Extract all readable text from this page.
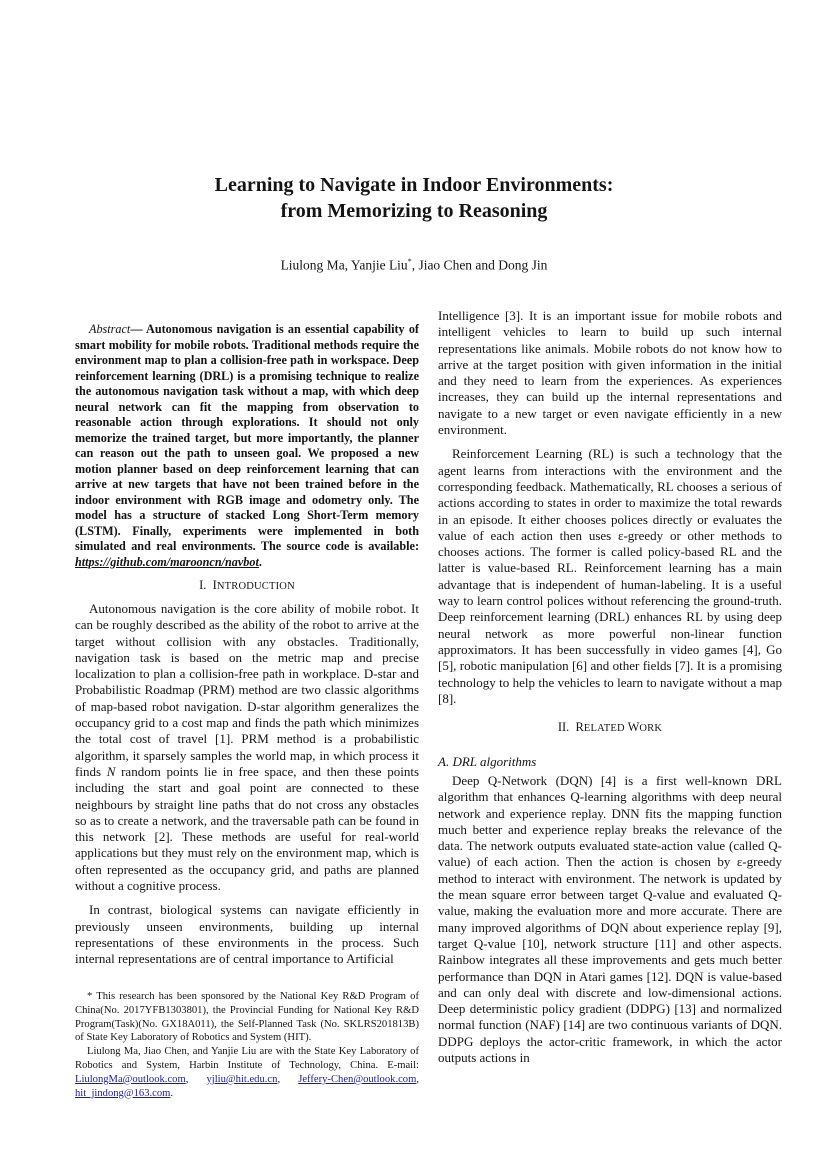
Learning to Navigate in Indoor Environments:
from Memorizing to Reasoning
Liulong Ma, Yanjie Liu*, Jiao Chen and Dong Jin

Abstract— Autonomous navigation is an essential capability of smart mobility for mobile robots. Traditional methods require the environment map to plan a collision-free path in workspace. Deep reinforcement learning (DRL) is a promising technique to realize the autonomous navigation task without a map, with which deep neural network can fit the mapping from observation to reasonable action through explorations. It should not only memorize the trained target, but more importantly, the planner can reason out the path to unseen goal. We proposed a new motion planner based on deep reinforcement learning that can arrive at new targets that have not been trained before in the indoor environment with RGB image and odometry only. The model has a structure of stacked Long Short-Term memory (LSTM). Finally, experiments were implemented in both simulated and real environments. The source code is available: https://github.com/marooncn/navbot.

I. INTRODUCTION

Autonomous navigation is the core ability of mobile robot. It can be roughly described as the ability of the robot to arrive at the target without collision with any obstacles. Traditionally, navigation task is based on the metric map and precise localization to plan a collision-free path in workplace. D-star and Probabilistic Roadmap (PRM) method are two classic algorithms of map-based robot navigation. D-star algorithm generalizes the occupancy grid to a cost map and finds the path which minimizes the total cost of travel [1]. PRM method is a probabilistic algorithm, it sparsely samples the world map, in which process it finds N random points lie in free space, and then these points including the start and goal point are connected to these neighbours by straight line paths that do not cross any obstacles so as to create a network, and the traversable path can be found in this network [2]. These methods are useful for real-world applications but they must rely on the environment map, which is often represented as the occupancy grid, and paths are planned without a cognitive process.

In contrast, biological systems can navigate efficiently in previously unseen environments, building up internal representations of these environments in the process. Such internal representations are of central importance to Artificial

Intelligence [3]. It is an important issue for mobile robots and intelligent vehicles to learn to build up such internal representations like animals. Mobile robots do not know how to arrive at the target position with given information in the initial and they need to learn from the experiences. As experiences increases, they can build up the internal representations and navigate to a new target or even navigate efficiently in a new environment.

Reinforcement Learning (RL) is such a technology that the agent learns from interactions with the environment and the corresponding feedback. Mathematically, RL chooses a serious of actions according to states in order to maximize the total rewards in an episode. It either chooses polices directly or evaluates the value of each action then uses ε-greedy or other methods to chooses actions. The former is called policy-based RL and the latter is value-based RL. Reinforcement learning has a main advantage that is independent of human-labeling. It is a useful way to learn control polices without referencing the ground-truth. Deep reinforcement learning (DRL) enhances RL by using deep neural network as more powerful non-linear function approximators. It has been successfully in video games [4], Go [5], robotic manipulation [6] and other fields [7]. It is a promising technology to help the vehicles to learn to navigate without a map [8].

II. RELATED WORK
A. DRL algorithms

Deep Q-Network (DQN) [4] is a first well-known DRL algorithm that enhances Q-learning algorithms with deep neural network and experience replay. DNN fits the mapping function much better and experience replay breaks the relevance of the data. The network outputs evaluated state-action value (called Q-value) of each action. Then the action is chosen by ε-greedy method to interact with environment. The network is updated by the mean square error between target Q-value and evaluated Q-value, making the evaluation more and more accurate. There are many improved algorithms of DQN about experience replay [9], target Q-value [10], network structure [11] and other aspects. Rainbow integrates all these improvements and gets much better performance than DQN in Atari games [12]. DQN is value-based and can only deal with discrete and low-dimensional actions. Deep deterministic policy gradient (DDPG) [13] and normalized normal function (NAF) [14] are two continuous variants of DQN. DDPG deploys the actor-critic framework, in which the actor outputs actions in

* This research has been sponsored by the National Key R&D Program of China(No. 2017YFB1303801), the Provincial Funding for National Key R&D Program(Task)(No. GX18A011), the Self-Planned Task (No. SKLRS201813B) of State Key Laboratory of Robotics and System (HIT).

Liulong Ma, Jiao Chen, and Yanjie Liu are with the State Key Laboratory of Robotics and System, Harbin Institute of Technology, China. E-mail: LiulongMa@outlook.com, yjliu@hit.edu.cn, Jeffery-Chen@outlook.com, hit_jindong@163.com.
